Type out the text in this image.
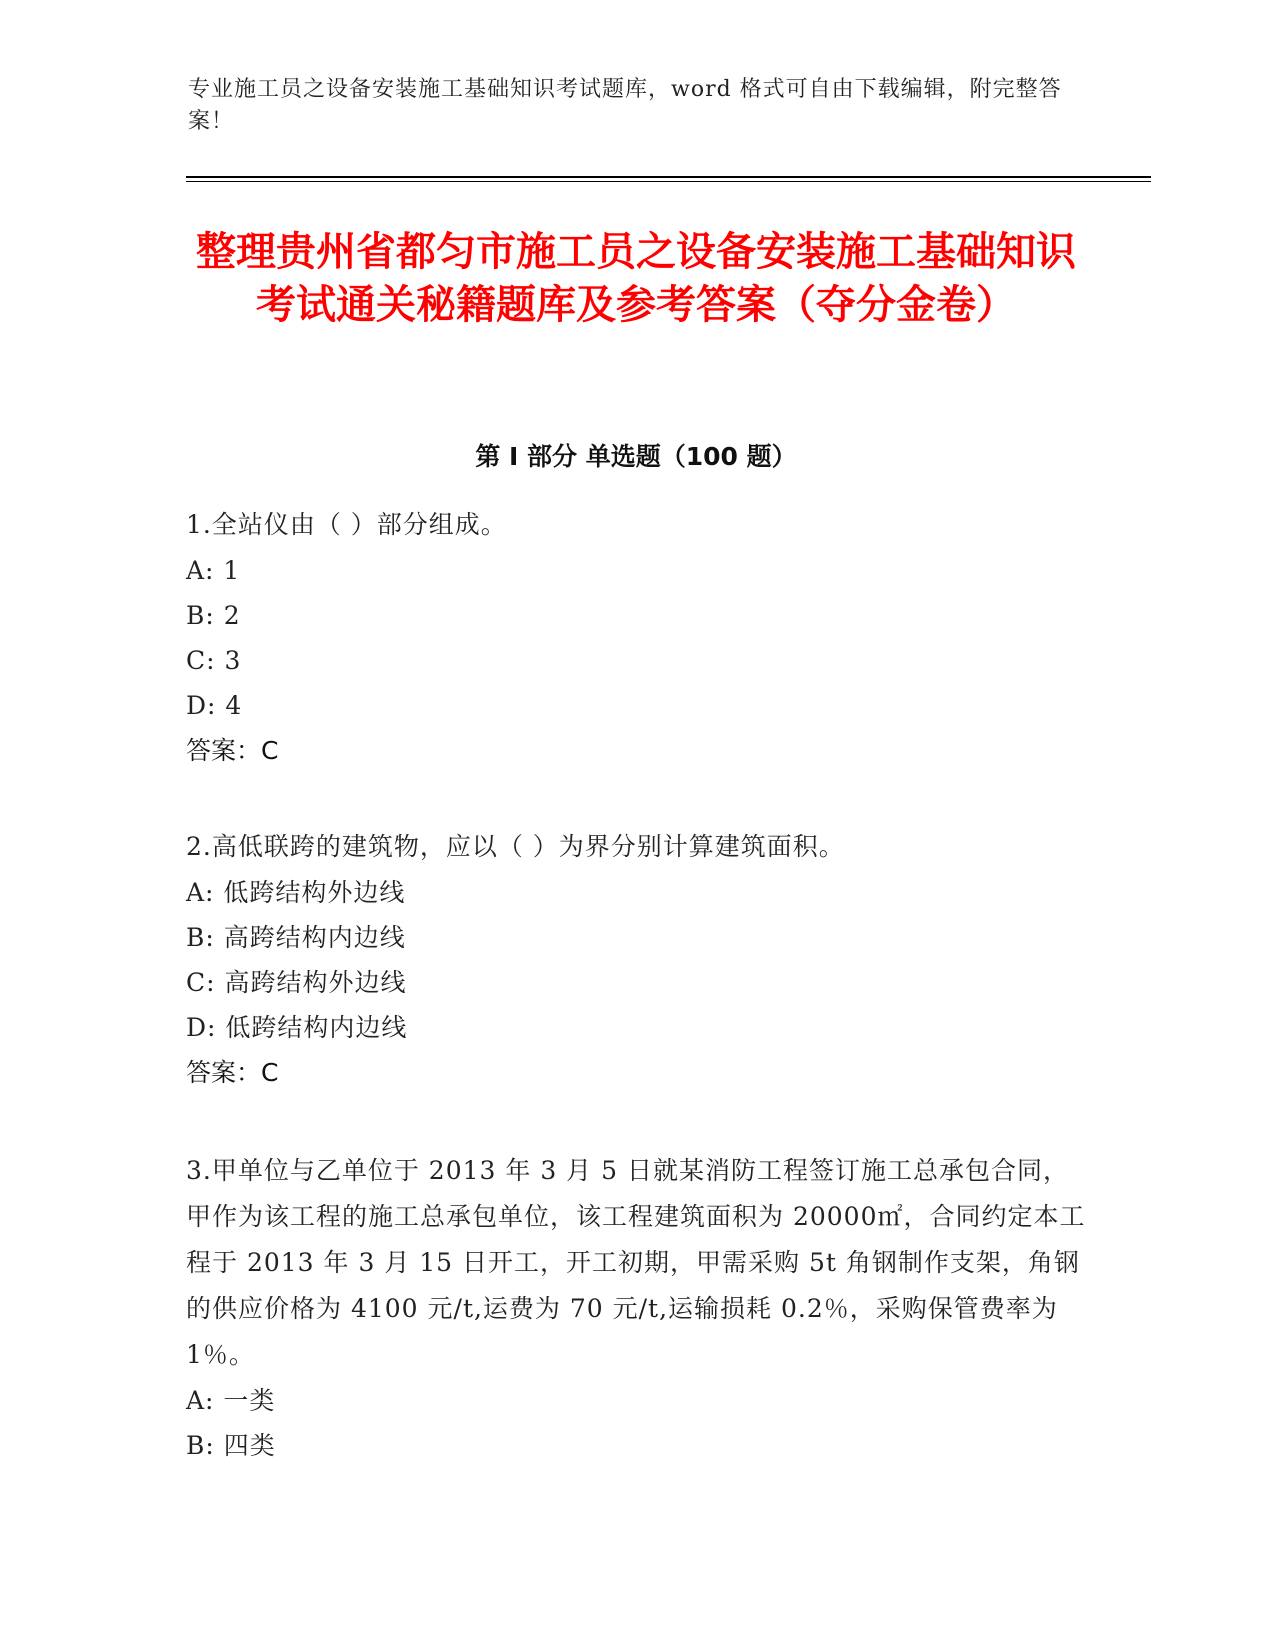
专业施工员之设备安装施工基础知识考试题库，word 格式可自由下载编辑，附完整答案！
整理贵州省都匀市施工员之设备安装施工基础知识考试通关秘籍题库及参考答案（夺分金卷）
第 I 部分 单选题（100 题）
1.全站仪由（ ）部分组成。
A: 1
B: 2
C: 3
D: 4
答案：C
2.高低联跨的建筑物，应以（ ）为界分别计算建筑面积。
A: 低跨结构外边线
B: 高跨结构内边线
C: 高跨结构外边线
D: 低跨结构内边线
答案：C
3.甲单位与乙单位于 2013 年 3 月 5 日就某消防工程签订施工总承包合同，甲作为该工程的施工总承包单位，该工程建筑面积为 20000㎡，合同约定本工程于 2013 年 3 月 15 日开工，开工初期，甲需采购 5t 角钢制作支架，角钢的供应价格为 4100 元/t,运费为 70 元/t,运输损耗 0.2％，采购保管费率为 1％。
A: 一类
B: 四类
